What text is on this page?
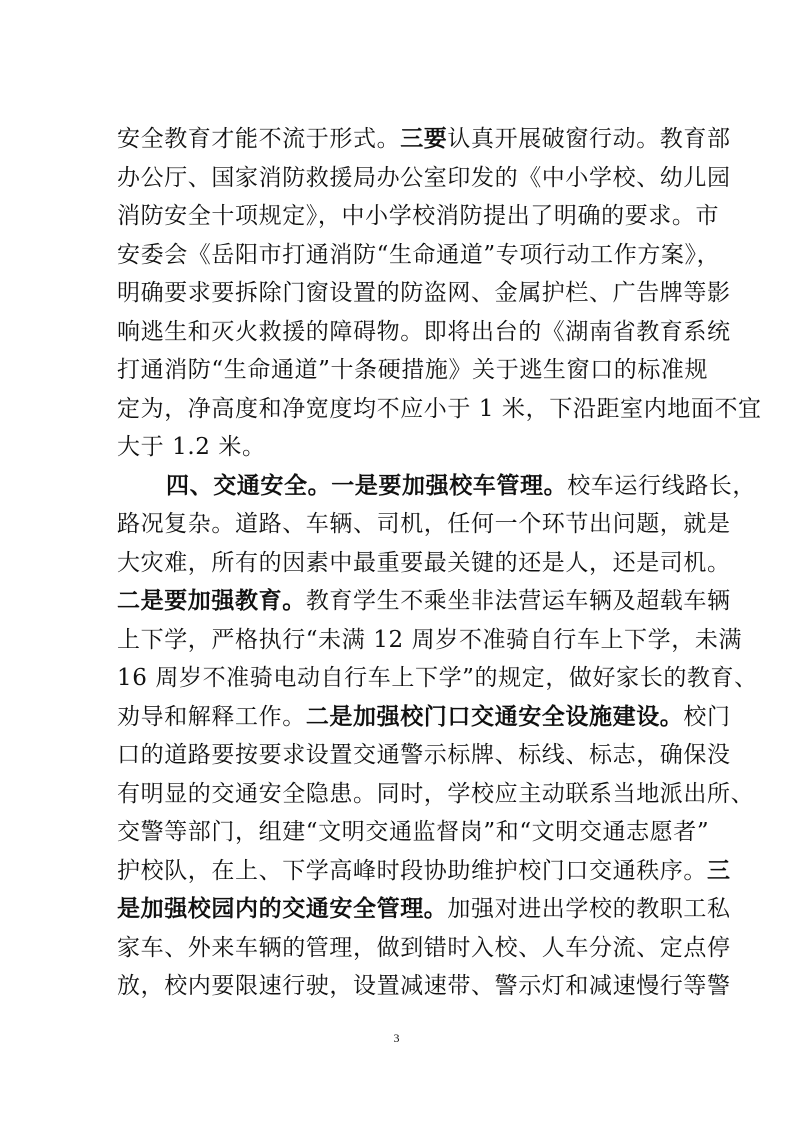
安全教育才能不流于形式。三要认真开展破窗行动。教育部
办公厅、国家消防救援局办公室印发的《中小学校、幼儿园
消防安全十项规定》，中小学校消防提出了明确的要求。市
安委会《岳阳市打通消防“生命通道”专项行动工作方案》，
明确要求要拆除门窗设置的防盗网、金属护栏、广告牌等影
响逃生和灭火救援的障碍物。即将出台的《湖南省教育系统
打通消防“生命通道”十条硬措施》关于逃生窗口的标准规
定为，净高度和净宽度均不应小于 1 米，下沿距室内地面不宜
大于 1.2 米。
四、交通安全。一是要加强校车管理。校车运行线路长，
路况复杂。道路、车辆、司机，任何一个环节出问题，就是
大灾难，所有的因素中最重要最关键的还是人，还是司机。
二是要加强教育。教育学生不乘坐非法营运车辆及超载车辆
上下学，严格执行“未满 12 周岁不准骑自行车上下学，未满
16 周岁不准骑电动自行车上下学”的规定，做好家长的教育、
劝导和解释工作。二是加强校门口交通安全设施建设。校门
口的道路要按要求设置交通警示标牌、标线、标志，确保没
有明显的交通安全隐患。同时，学校应主动联系当地派出所、
交警等部门，组建“文明交通监督岗”和“文明交通志愿者”
护校队，在上、下学高峰时段协助维护校门口交通秩序。三
是加强校园内的交通安全管理。加强对进出学校的教职工私
家车、外来车辆的管理，做到错时入校、人车分流、定点停
放，校内要限速行驶，设置减速带、警示灯和减速慢行等警
3
